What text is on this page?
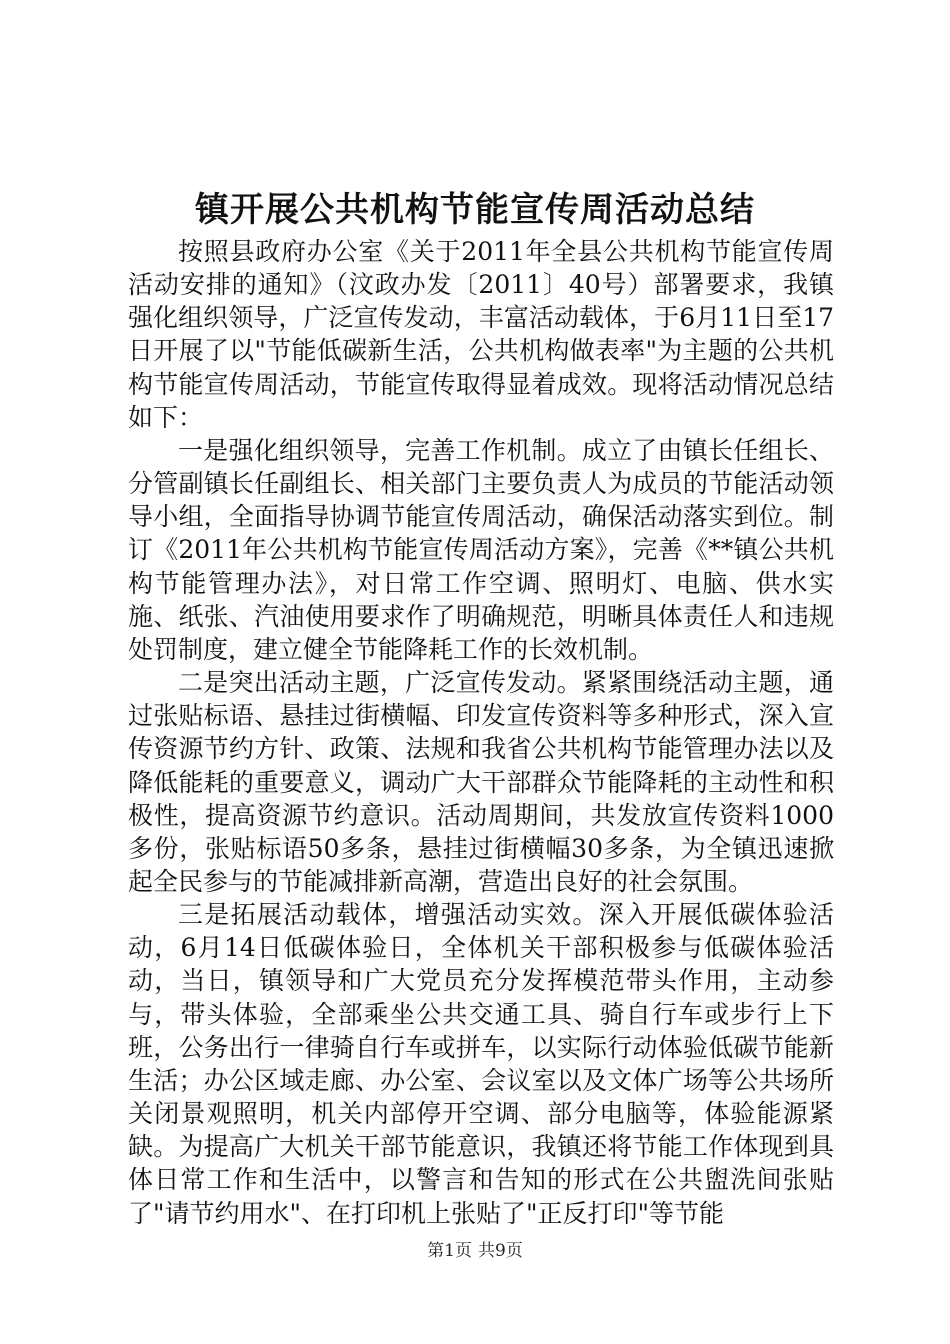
镇开展公共机构节能宣传周活动总结

按照县政府办公室《关于2011年全县公共机构节能宣传周活动安排的通知》（汶政办发〔2011〕40号）部署要求，我镇强化组织领导，广泛宣传发动，丰富活动载体，于6月11日至17日开展了以"节能低碳新生活，公共机构做表率"为主题的公共机构节能宣传周活动，节能宣传取得显着成效。现将活动情况总结如下：

一是强化组织领导，完善工作机制。成立了由镇长任组长、分管副镇长任副组长、相关部门主要负责人为成员的节能活动领导小组，全面指导协调节能宣传周活动，确保活动落实到位。制订《2011年公共机构节能宣传周活动方案》，完善《**镇公共机构节能管理办法》，对日常工作空调、照明灯、电脑、供水实施、纸张、汽油使用要求作了明确规范，明晰具体责任人和违规处罚制度，建立健全节能降耗工作的长效机制。

二是突出活动主题，广泛宣传发动。紧紧围绕活动主题，通过张贴标语、悬挂过街横幅、印发宣传资料等多种形式，深入宣传资源节约方针、政策、法规和我省公共机构节能管理办法以及降低能耗的重要意义，调动广大干部群众节能降耗的主动性和积极性，提高资源节约意识。活动周期间，共发放宣传资料1000多份，张贴标语50多条，悬挂过街横幅30多条，为全镇迅速掀起全民参与的节能减排新高潮，营造出良好的社会氛围。

三是拓展活动载体，增强活动实效。深入开展低碳体验活动，6月14日低碳体验日，全体机关干部积极参与低碳体验活动，当日，镇领导和广大党员充分发挥模范带头作用，主动参与，带头体验，全部乘坐公共交通工具、骑自行车或步行上下班，公务出行一律骑自行车或拼车，以实际行动体验低碳节能新生活；办公区域走廊、办公室、会议室以及文体广场等公共场所关闭景观照明，机关内部停开空调、部分电脑等，体验能源紧缺。为提高广大机关干部节能意识，我镇还将节能工作体现到具体日常工作和生活中，以警言和告知的形式在公共盥洗间张贴了"请节约用水"、在打印机上张贴了"正反打印"等节能

第1页 共9页
